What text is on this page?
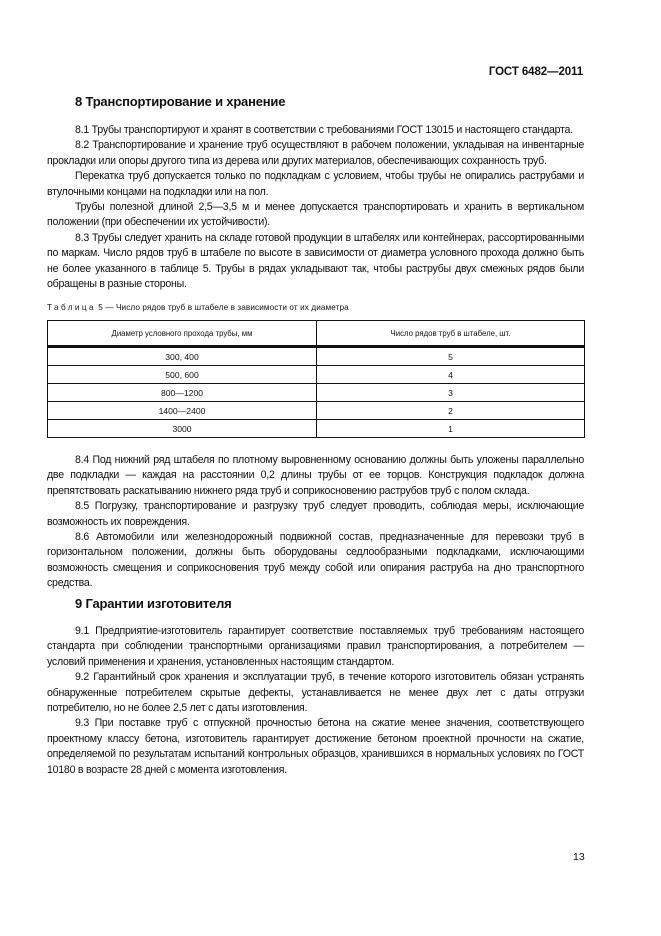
ГОСТ 6482—2011
8 Транспортирование и хранение

8.1 Трубы транспортируют и хранят в соответствии с требованиями ГОСТ 13015 и настоящего стандарта.

8.2 Транспортирование и хранение труб осуществляют в рабочем положении, укладывая на инвентарные прокладки или опоры другого типа из дерева или других материалов, обеспечивающих сохранность труб.

Перекатка труб допускается только по подкладкам с условием, чтобы трубы не опирались раструбами и втулочными концами на подкладки или на пол.

Трубы полезной длиной 2,5—3,5 м и менее допускается транспортировать и хранить в вертикальном положении (при обеспечении их устойчивости).

8.3 Трубы следует хранить на складе готовой продукции в штабелях или контейнерах, рассортированными по маркам. Число рядов труб в штабеле по высоте в зависимости от диаметра условного прохода должно быть не более указанного в таблице 5. Трубы в рядах укладывают так, чтобы раструбы двух смежных рядов были обращены в разные стороны.

Таблица 5 — Число рядов труб в штабеле в зависимости от их диаметра
Диаметр условного прохода трубы, мм	Число рядов труб в штабеле, шт.
300, 400	5
500, 600	4
800—1200	3
1400—2400	2
3000	1

8.4 Под нижний ряд штабеля по плотному выровненному основанию должны быть уложены параллельно две подкладки — каждая на расстоянии 0,2 длины трубы от ее торцов. Конструкция подкладок должна препятствовать раскатыванию нижнего ряда труб и соприкосновению раструбов труб с полом склада.

8.5 Погрузку, транспортирование и разгрузку труб следует проводить, соблюдая меры, исключающие возможность их повреждения.

8.6 Автомобили или железнодорожный подвижной состав, предназначенные для перевозки труб в горизонтальном положении, должны быть оборудованы седлообразными подкладками, исключающими возможность смещения и соприкосновения труб между собой или опирания раструба на дно транспортного средства.

9 Гарантии изготовителя

9.1 Предприятие-изготовитель гарантирует соответствие поставляемых труб требованиям настоящего стандарта при соблюдении транспортными организациями правил транспортирования, а потребителем — условий применения и хранения, установленных настоящим стандартом.

9.2 Гарантийный срок хранения и эксплуатации труб, в течение которого изготовитель обязан устранять обнаруженные потребителем скрытые дефекты, устанавливается не менее двух лет с даты отгрузки потребителю, но не более 2,5 лет с даты изготовления.

9.3 При поставке труб с отпускной прочностью бетона на сжатие менее значения, соответствующего проектному классу бетона, изготовитель гарантирует достижение бетоном проектной прочности на сжатие, определяемой по результатам испытаний контрольных образцов, хранившихся в нормальных условиях по ГОСТ 10180 в возрасте 28 дней с момента изготовления.

13
